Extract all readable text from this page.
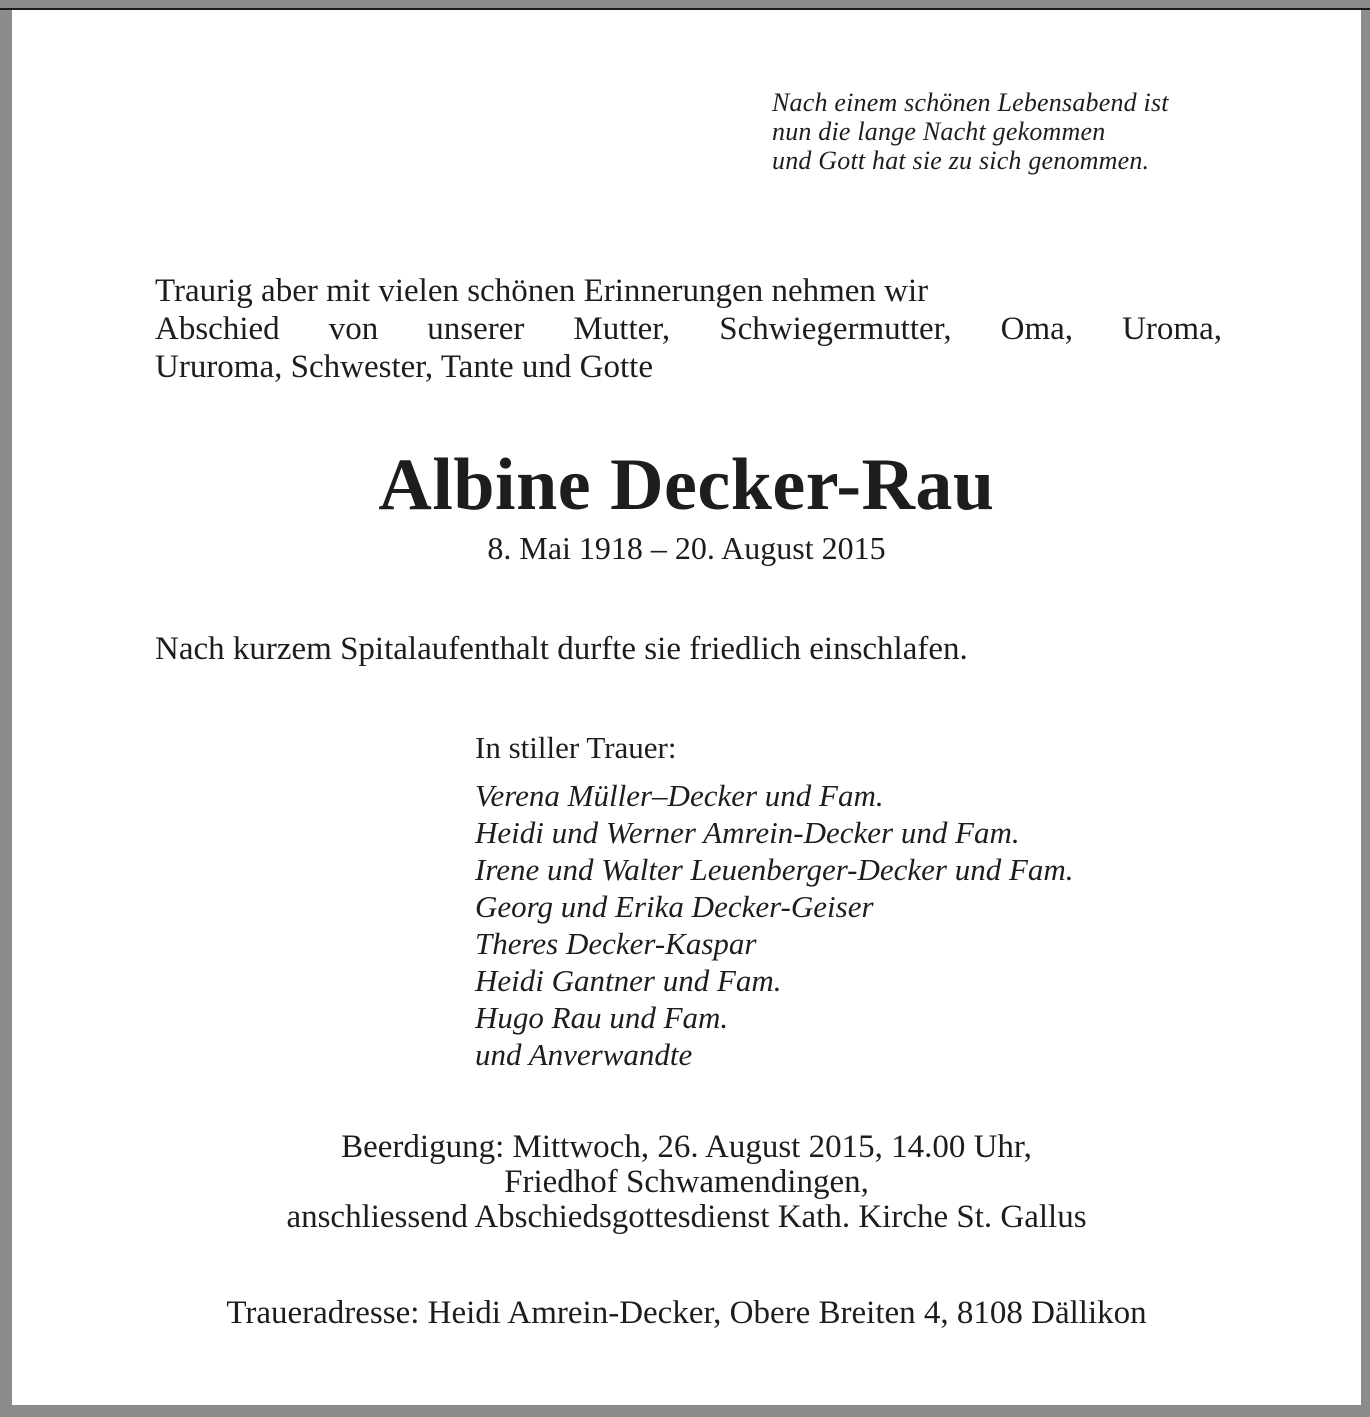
Nach einem schönen Lebensabend ist
nun die lange Nacht gekommen
und Gott hat sie zu sich genommen.
Traurig aber mit vielen schönen Erinnerungen nehmen wir
Abschied von unserer Mutter, Schwiegermutter, Oma, Uroma,
Ururoma, Schwester, Tante und Gotte
Albine Decker-Rau
8. Mai 1918 – 20. August 2015
Nach kurzem Spitalaufenthalt durfte sie friedlich einschlafen.
In stiller Trauer:
Verena Müller–Decker und Fam.
Heidi und Werner Amrein-Decker und Fam.
Irene und Walter Leuenberger-Decker und Fam.
Georg und Erika Decker-Geiser
Theres Decker-Kaspar
Heidi Gantner und Fam.
Hugo Rau und Fam.
und Anverwandte
Beerdigung: Mittwoch, 26. August 2015, 14.00 Uhr,
Friedhof Schwamendingen,
anschliessend Abschiedsgottesdienst Kath. Kirche St. Gallus
Traueradresse: Heidi Amrein-Decker, Obere Breiten 4, 8108 Dällikon
